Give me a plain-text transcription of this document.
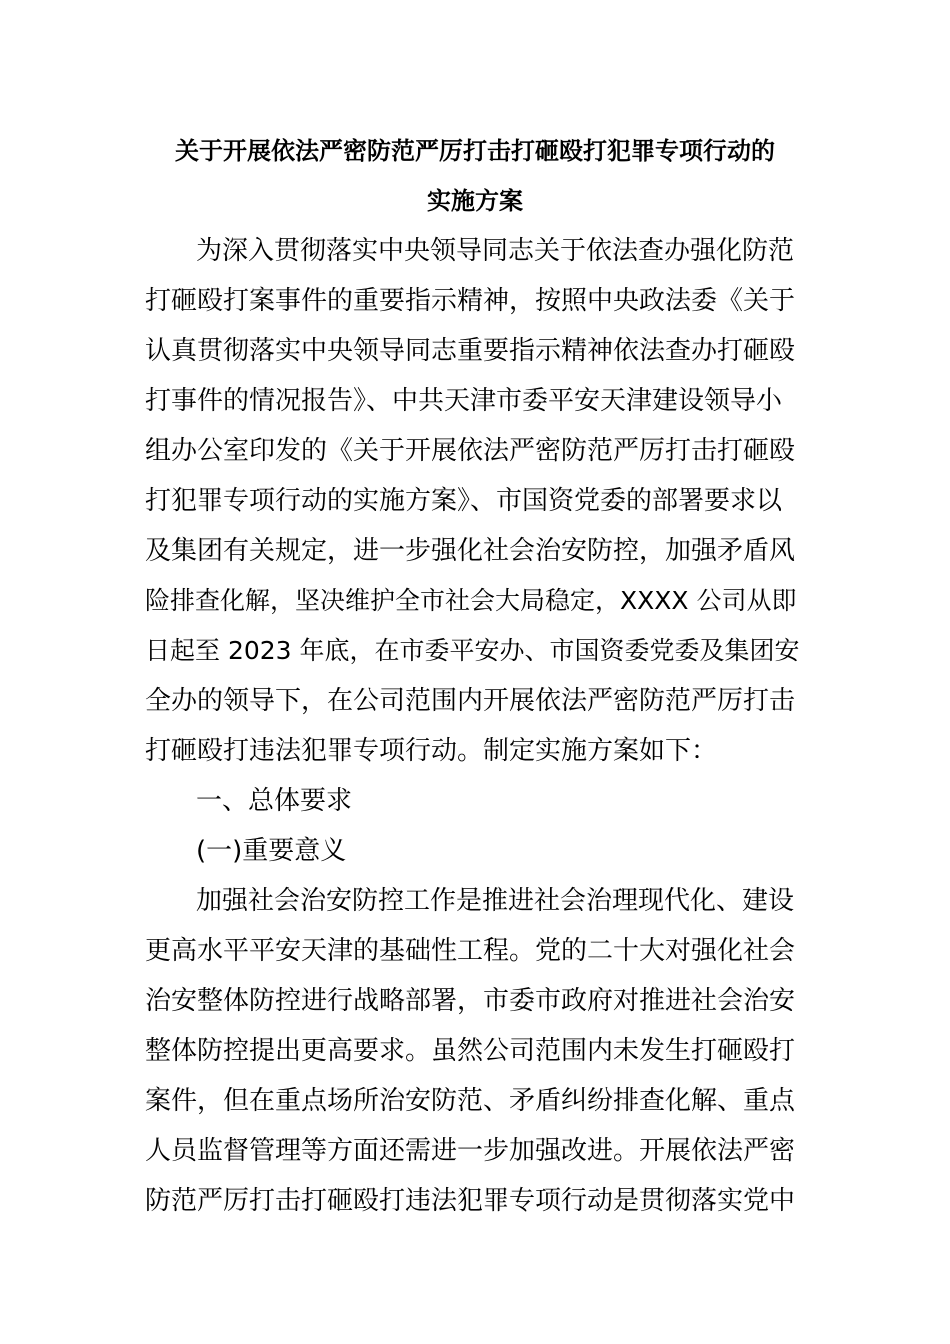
关于开展依法严密防范严厉打击打砸殴打犯罪专项行动的
实施方案
为深入贯彻落实中央领导同志关于依法查办强化防范
打砸殴打案事件的重要指示精神，按照中央政法委《关于
认真贯彻落实中央领导同志重要指示精神依法查办打砸殴
打事件的情况报告》、中共天津市委平安天津建设领导小
组办公室印发的《关于开展依法严密防范严厉打击打砸殴
打犯罪专项行动的实施方案》、市国资党委的部署要求以
及集团有关规定，进一步强化社会治安防控，加强矛盾风
险排查化解，坚决维护全市社会大局稳定，XXXX 公司从即
日起至 2023 年底，在市委平安办、市国资委党委及集团安
全办的领导下，在公司范围内开展依法严密防范严厉打击
打砸殴打违法犯罪专项行动。制定实施方案如下：
一、总体要求
(一)重要意义
加强社会治安防控工作是推进社会治理现代化、建设
更高水平平安天津的基础性工程。党的二十大对强化社会
治安整体防控进行战略部署，市委市政府对推进社会治安
整体防控提出更高要求。虽然公司范围内未发生打砸殴打
案件，但在重点场所治安防范、矛盾纠纷排查化解、重点
人员监督管理等方面还需进一步加强改进。开展依法严密
防范严厉打击打砸殴打违法犯罪专项行动是贯彻落实党中
